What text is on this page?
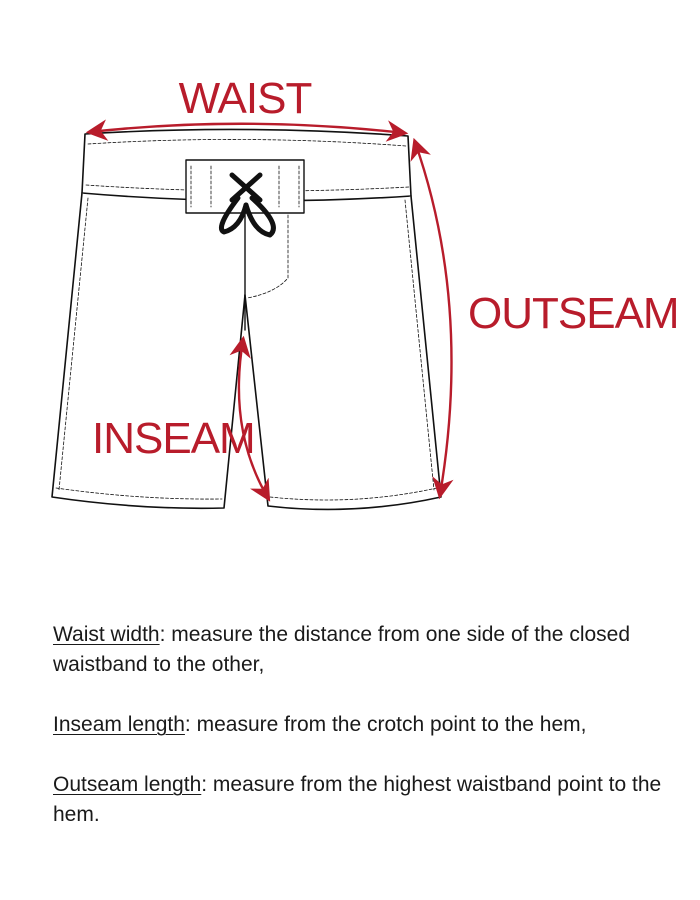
WAIST
OUTSEAM
INSEAM

Waist width: measure the distance from one side of the closed waistband to the other,

Inseam length: measure from the crotch point to the hem,

Outseam length: measure from the highest waistband point to the hem.
